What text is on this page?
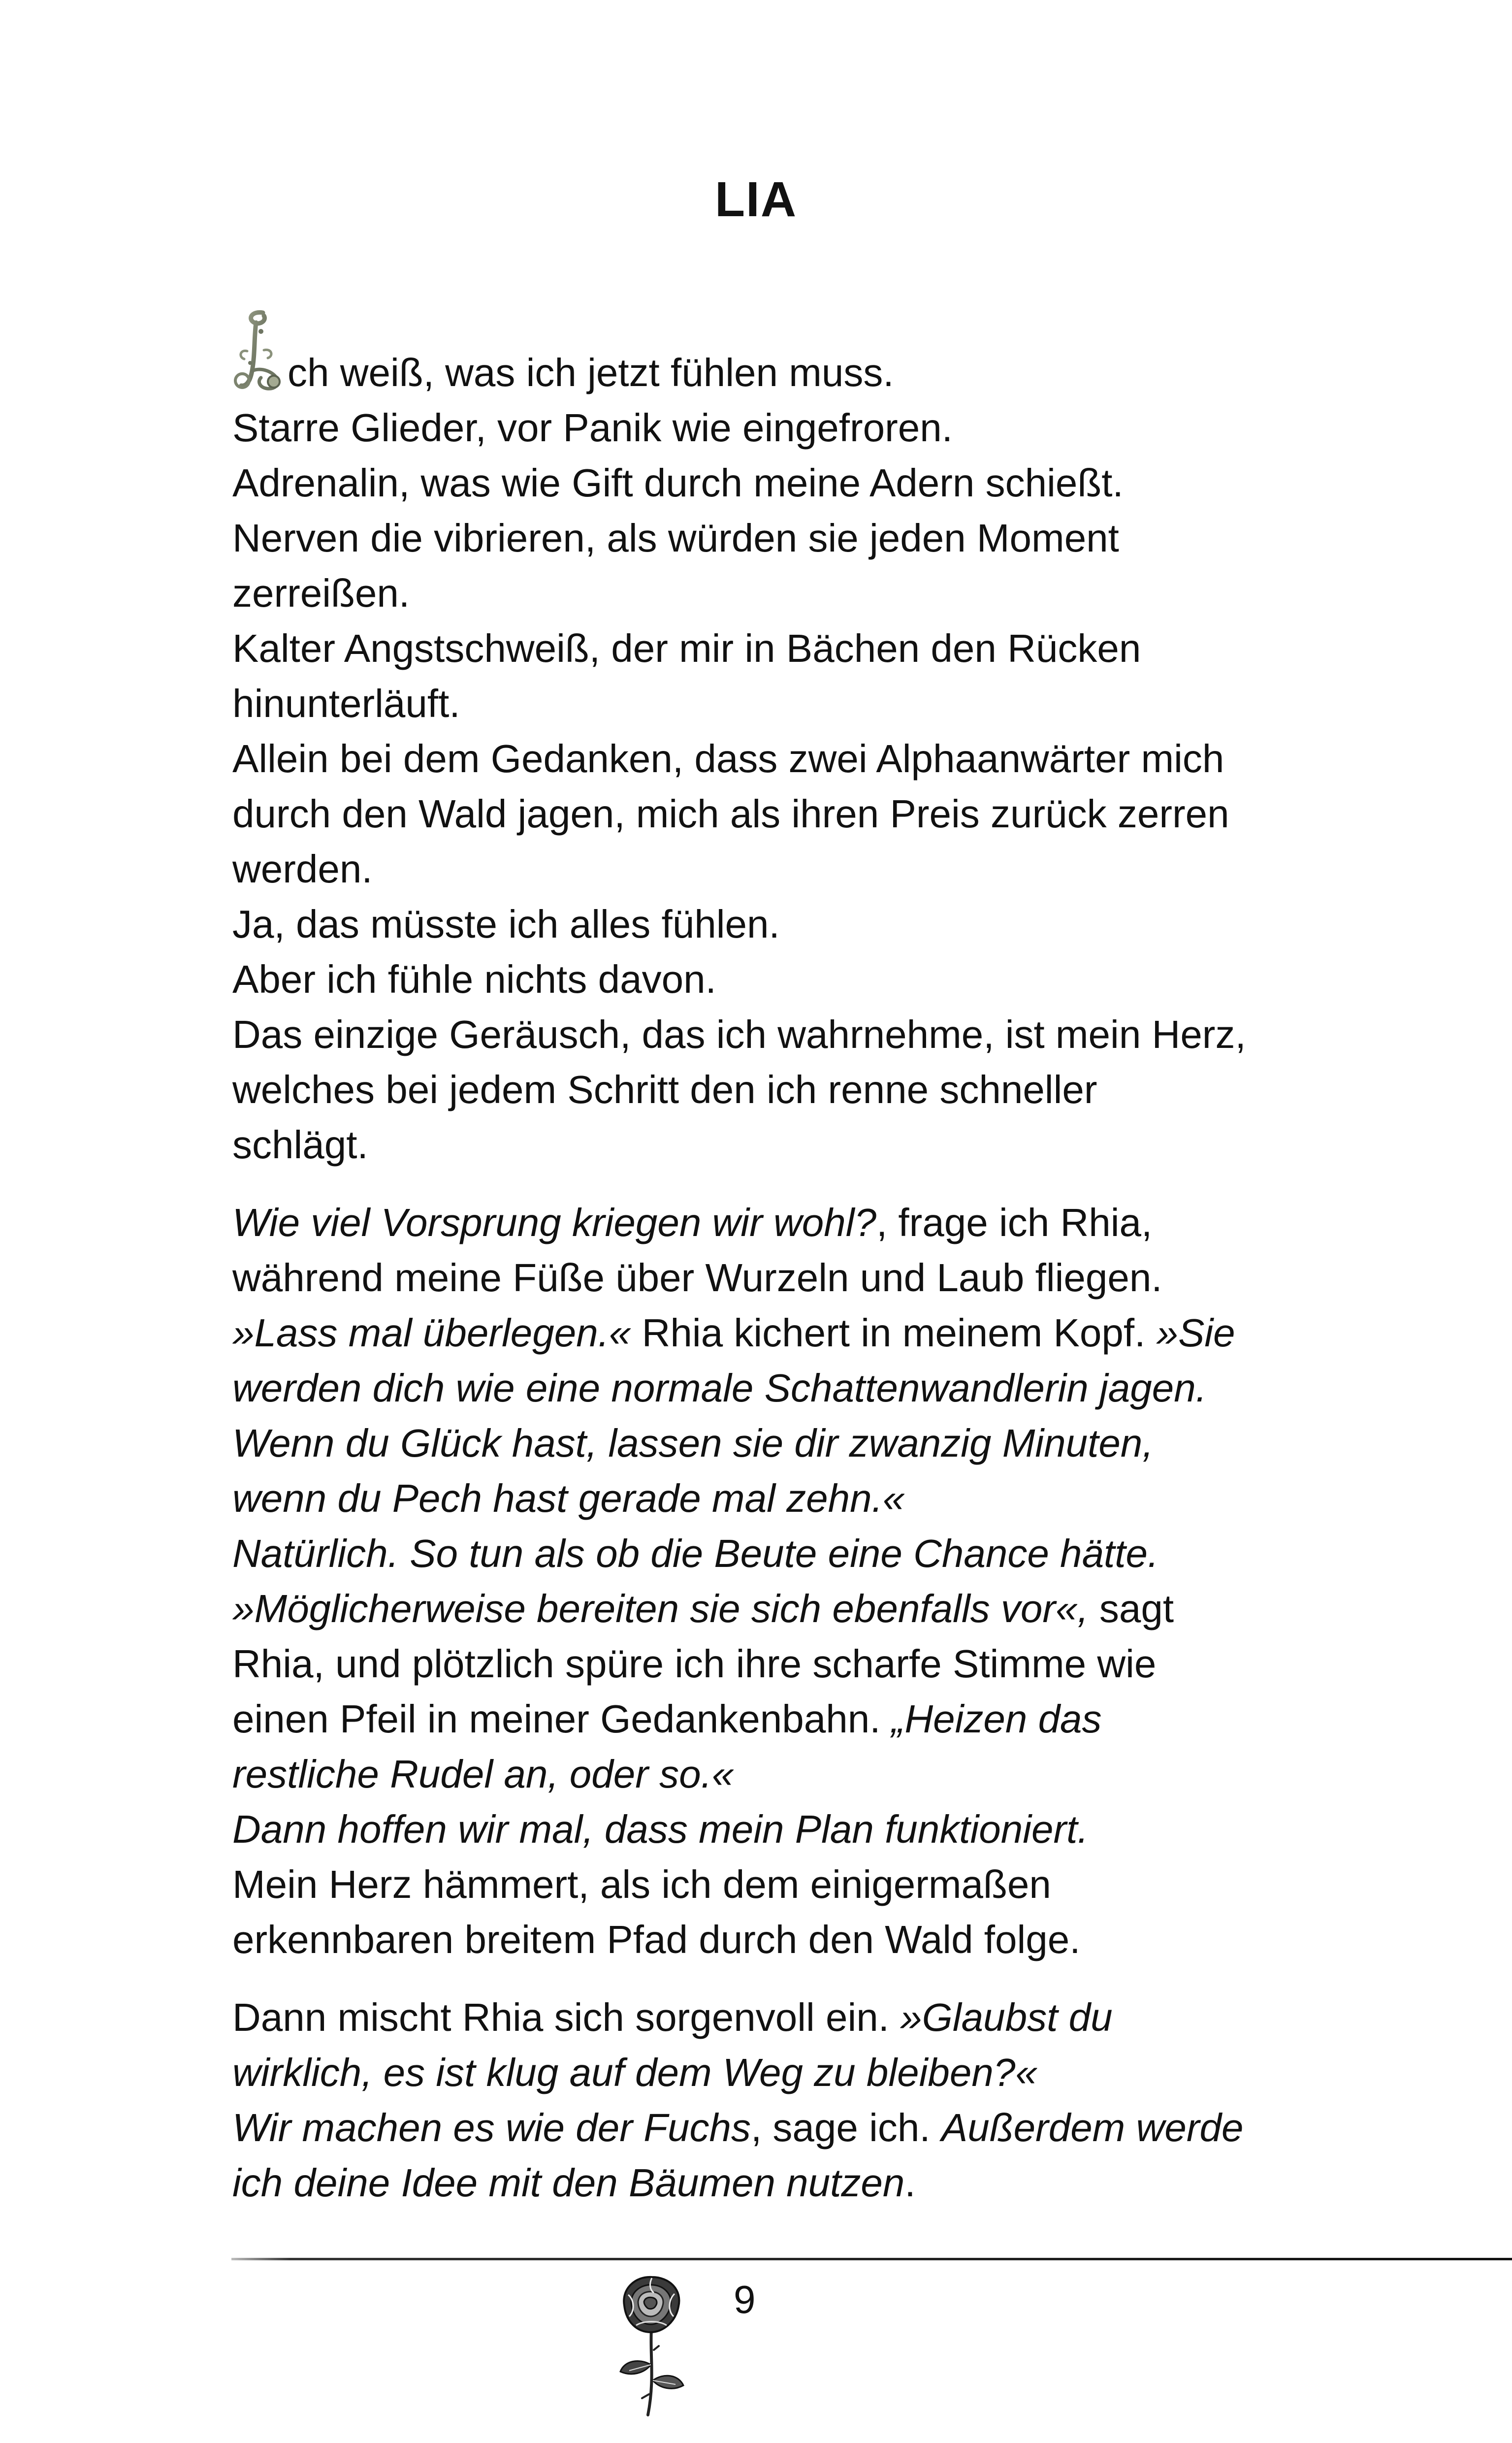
LIA
ch weiß, was ich jetzt fühlen muss.
Starre Glieder, vor Panik wie eingefroren.
Adrenalin, was wie Gift durch meine Adern schießt.
Nerven die vibrieren, als würden sie jeden Moment
zerreißen.
Kalter Angstschweiß, der mir in Bächen den Rücken
hinunterläuft.
Allein bei dem Gedanken, dass zwei Alphaanwärter mich
durch den Wald jagen, mich als ihren Preis zurück zerren
werden.
Ja, das müsste ich alles fühlen.
Aber ich fühle nichts davon.
Das einzige Geräusch, das ich wahrnehme, ist mein Herz,
welches bei jedem Schritt den ich renne schneller
schlägt.
Wie viel Vorsprung kriegen wir wohl?, frage ich Rhia,
während meine Füße über Wurzeln und Laub fliegen.
»Lass mal überlegen.« Rhia kichert in meinem Kopf. »Sie
werden dich wie eine normale Schattenwandlerin jagen.
Wenn du Glück hast, lassen sie dir zwanzig Minuten,
wenn du Pech hast gerade mal zehn.«
Natürlich. So tun als ob die Beute eine Chance hätte.
»Möglicherweise bereiten sie sich ebenfalls vor«, sagt
Rhia, und plötzlich spüre ich ihre scharfe Stimme wie
einen Pfeil in meiner Gedankenbahn. „Heizen das
restliche Rudel an, oder so.«
Dann hoffen wir mal, dass mein Plan funktioniert.
Mein Herz hämmert, als ich dem einigermaßen
erkennbaren breitem Pfad durch den Wald folge.
Dann mischt Rhia sich sorgenvoll ein. »Glaubst du
wirklich, es ist klug auf dem Weg zu bleiben?«
Wir machen es wie der Fuchs, sage ich. Außerdem werde
ich deine Idee mit den Bäumen nutzen.
9
